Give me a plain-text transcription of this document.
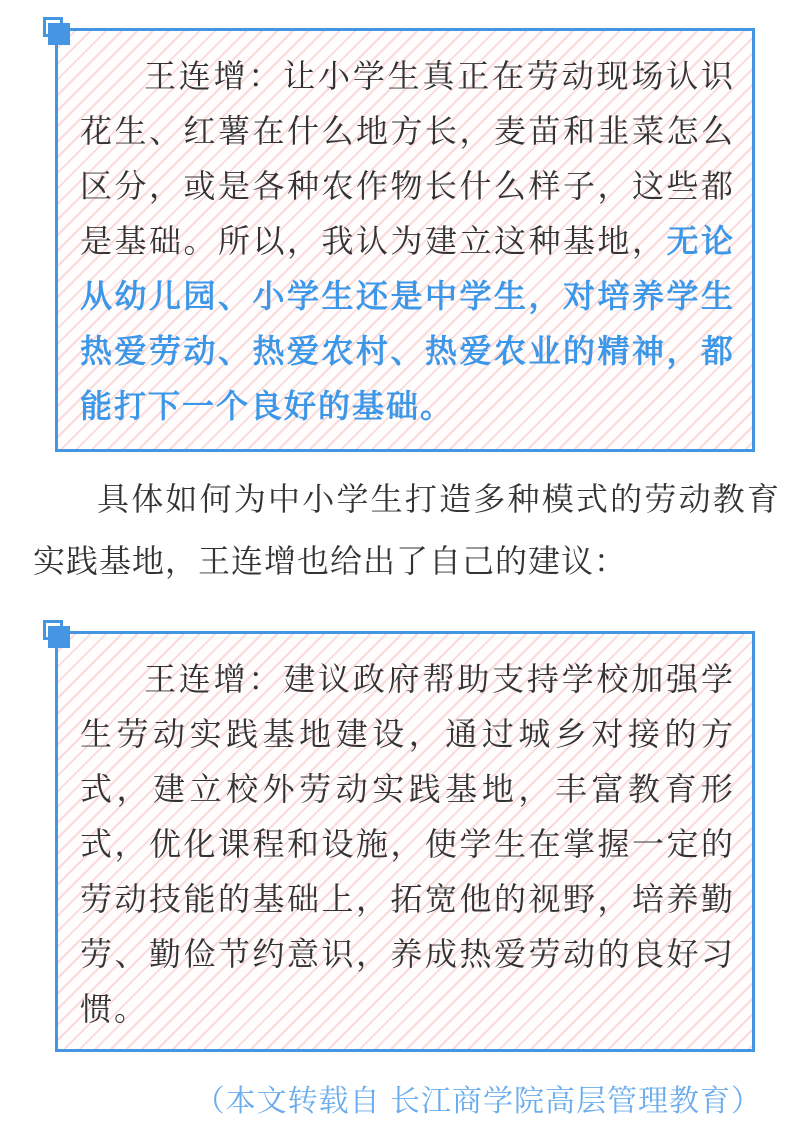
王连增：让小学生真正在劳动现场认识花生、红薯在什么地方长，麦苗和韭菜怎么区分，或是各种农作物长什么样子，这些都是基础。所以，我认为建立这种基地，无论从幼儿园、小学生还是中学生，对培养学生热爱劳动、热爱农村、热爱农业的精神，都能打下一个良好的基础。

具体如何为中小学生打造多种模式的劳动教育实践基地，王连增也给出了自己的建议：

王连增：建议政府帮助支持学校加强学生劳动实践基地建设，通过城乡对接的方式，建立校外劳动实践基地，丰富教育形式，优化课程和设施，使学生在掌握一定的劳动技能的基础上，拓宽他的视野，培养勤劳、勤俭节约意识，养成热爱劳动的良好习惯。

（本文转载自 长江商学院高层管理教育）
